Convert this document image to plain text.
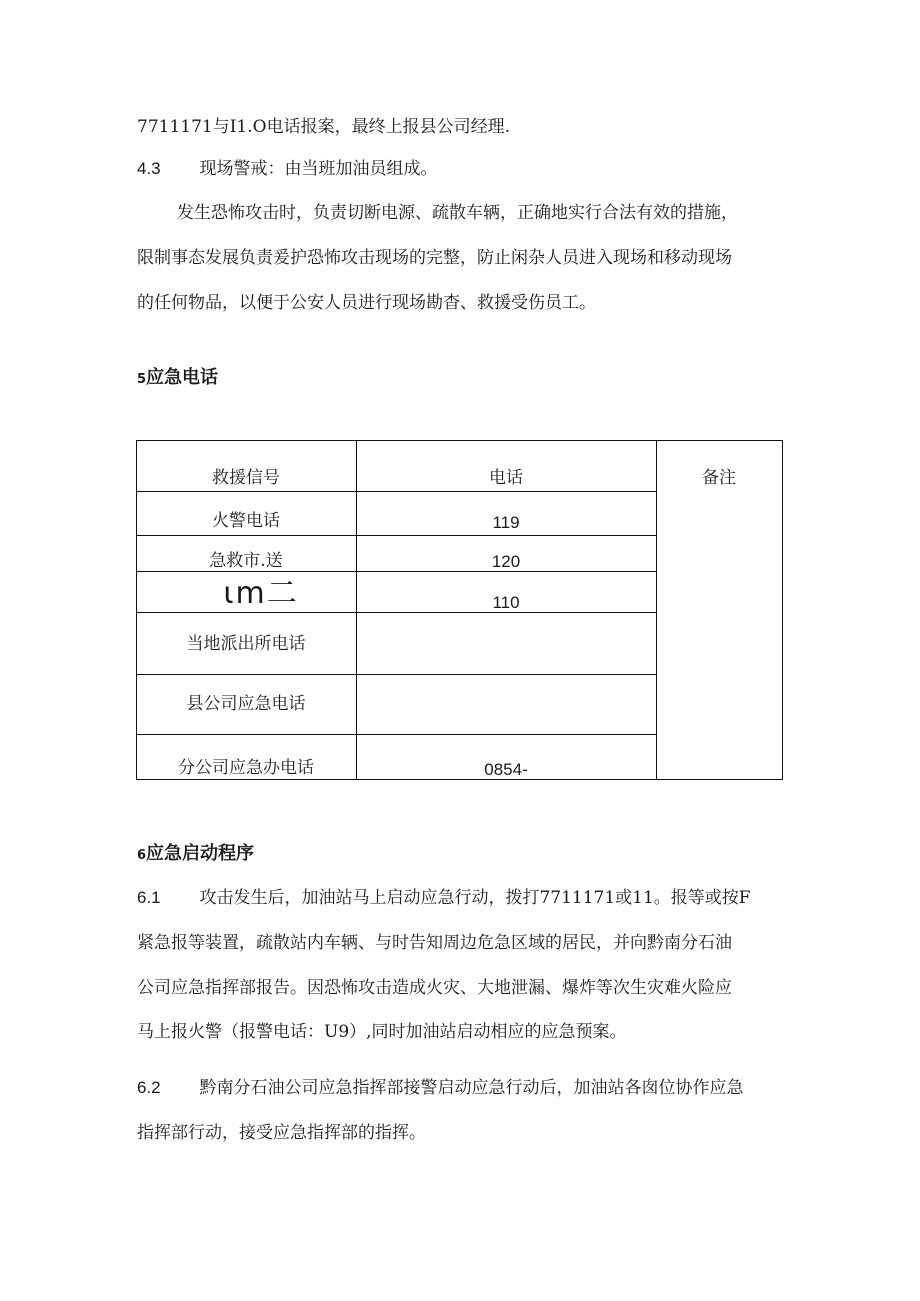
7711171与I1.O电话报案，最终上报县公司经理.
4.3 现场警戒：由当班加油员组成。
发生恐怖攻击时，负责切断电源、疏散车辆，正确地实行合法有效的措施，
限制事态发展负责爰护恐怖攻击现场的完整，防止闲杂人员进入现场和移动现场
的任何物品，以便于公安人员进行现场勘杳、救援受伤员工。
5应急电话
救援信号	电话	备注
火警电话	119
急救市.送	120
ιm二	110
当地派出所电话
县公司应急电话
分公司应急办电话	0854-
6应急启动程序
6.1 攻击发生后，加油站马上启动应急行动，拨打7711171或11。报等或按F
紧急报等装置，疏散站内车辆、与时告知周边危急区域的居民，并向黔南分石油
公司应急指挥部报告。因恐怖攻击造成火灾、大地泄漏、爆炸等次生灾难火险应
马上报火警（报警电话：U9）,同时加油站启动相应的应急预案。
6.2 黔南分石油公司应急指挥部接警启动应急行动后，加油站各囱位协作应急
指挥部行动，接受应急指挥部的指挥。
